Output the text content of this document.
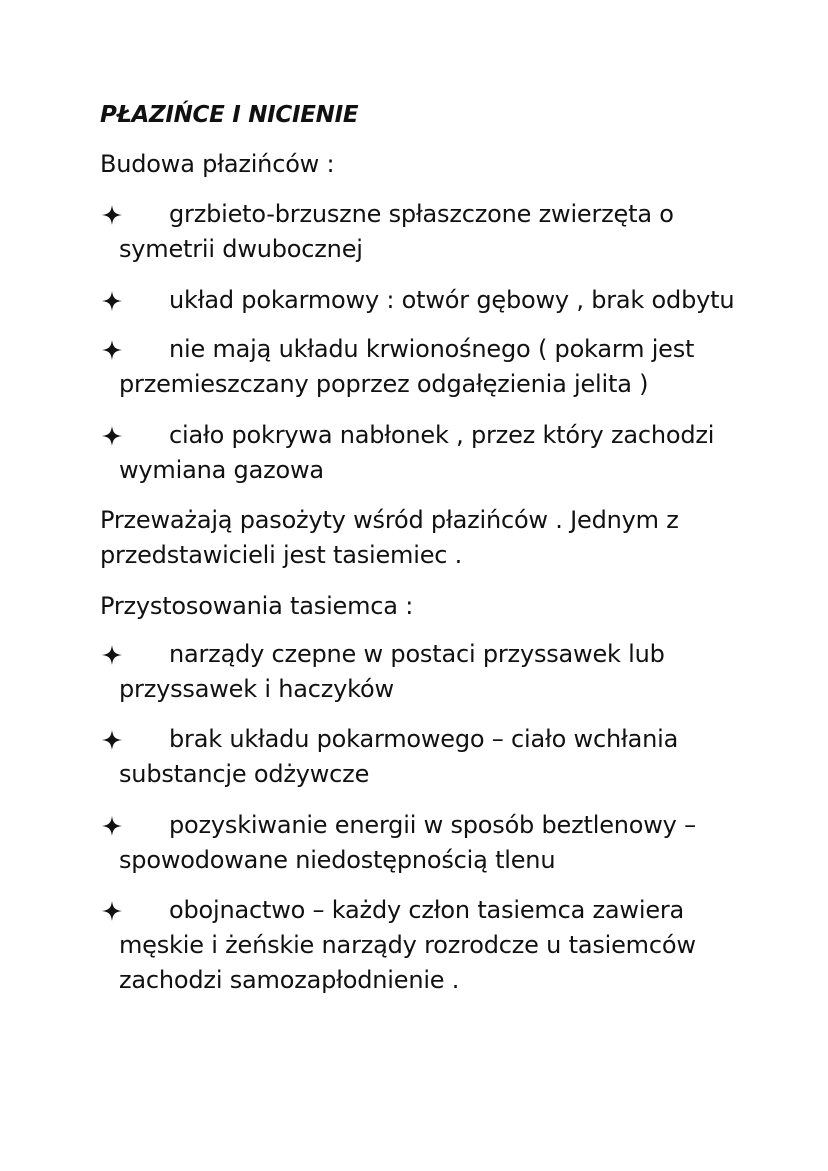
PŁAZIŃCE I NICIENIE
Budowa płazińców :
grzbieto-brzuszne spłaszczone zwierzęta o symetrii dwubocznej
układ pokarmowy : otwór gębowy , brak odbytu
nie mają układu krwionośnego ( pokarm jest przemieszczany poprzez odgałęzienia jelita )
ciało pokrywa nabłonek , przez który zachodzi wymiana gazowa
Przeważają pasożyty wśród płazińców . Jednym z przedstawicieli jest tasiemiec .
Przystosowania tasiemca :
narządy czepne w postaci przyssawek lub przyssawek i haczyków
brak układu pokarmowego – ciało wchłania substancje odżywcze
pozyskiwanie energii w sposób beztlenowy – spowodowane niedostępnością tlenu
obojnactwo – każdy człon tasiemca zawiera męskie i żeńskie narządy rozrodcze u tasiemców zachodzi samozapłodnienie .
